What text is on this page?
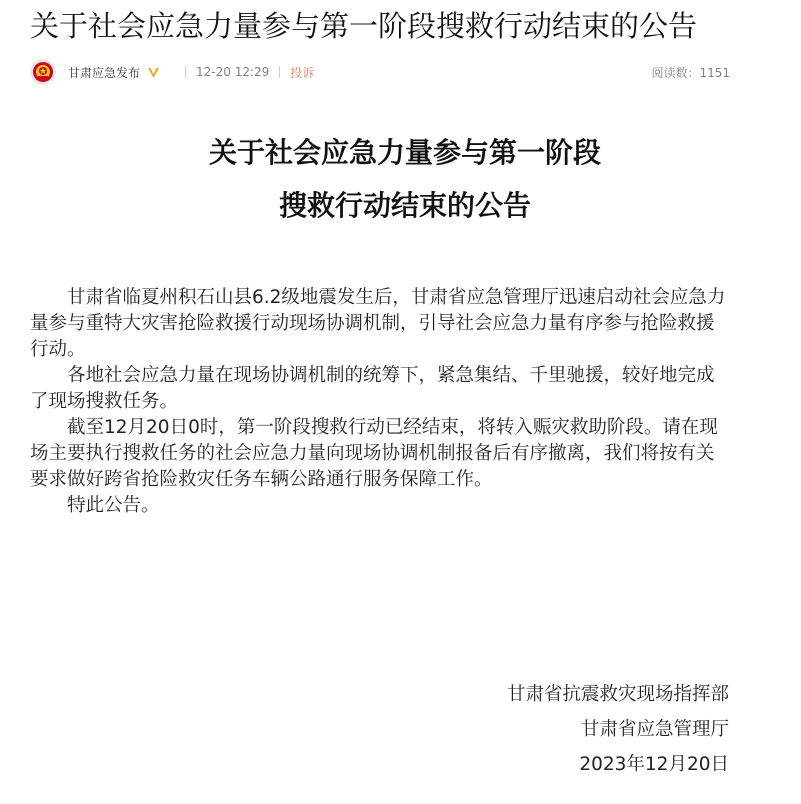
关于社会应急力量参与第一阶段搜救行动结束的公告
甘肃应急发布	12-20 12:29 投诉	阅读数：1151
关于社会应急力量参与第一阶段
搜救行动结束的公告

甘肃省临夏州积石山县6.2级地震发生后，甘肃省应急管理厅迅速启动社会应急力量参与重特大灾害抢险救援行动现场协调机制，引导社会应急力量有序参与抢险救援行动。

各地社会应急力量在现场协调机制的统筹下，紧急集结、千里驰援，较好地完成了现场搜救任务。

截至12月20日0时，第一阶段搜救行动已经结束，将转入赈灾救助阶段。请在现场主要执行搜救任务的社会应急力量向现场协调机制报备后有序撤离，我们将按有关要求做好跨省抢险救灾任务车辆公路通行服务保障工作。

特此公告。

甘肃省抗震救灾现场指挥部
甘肃省应急管理厅
2023年12月20日
